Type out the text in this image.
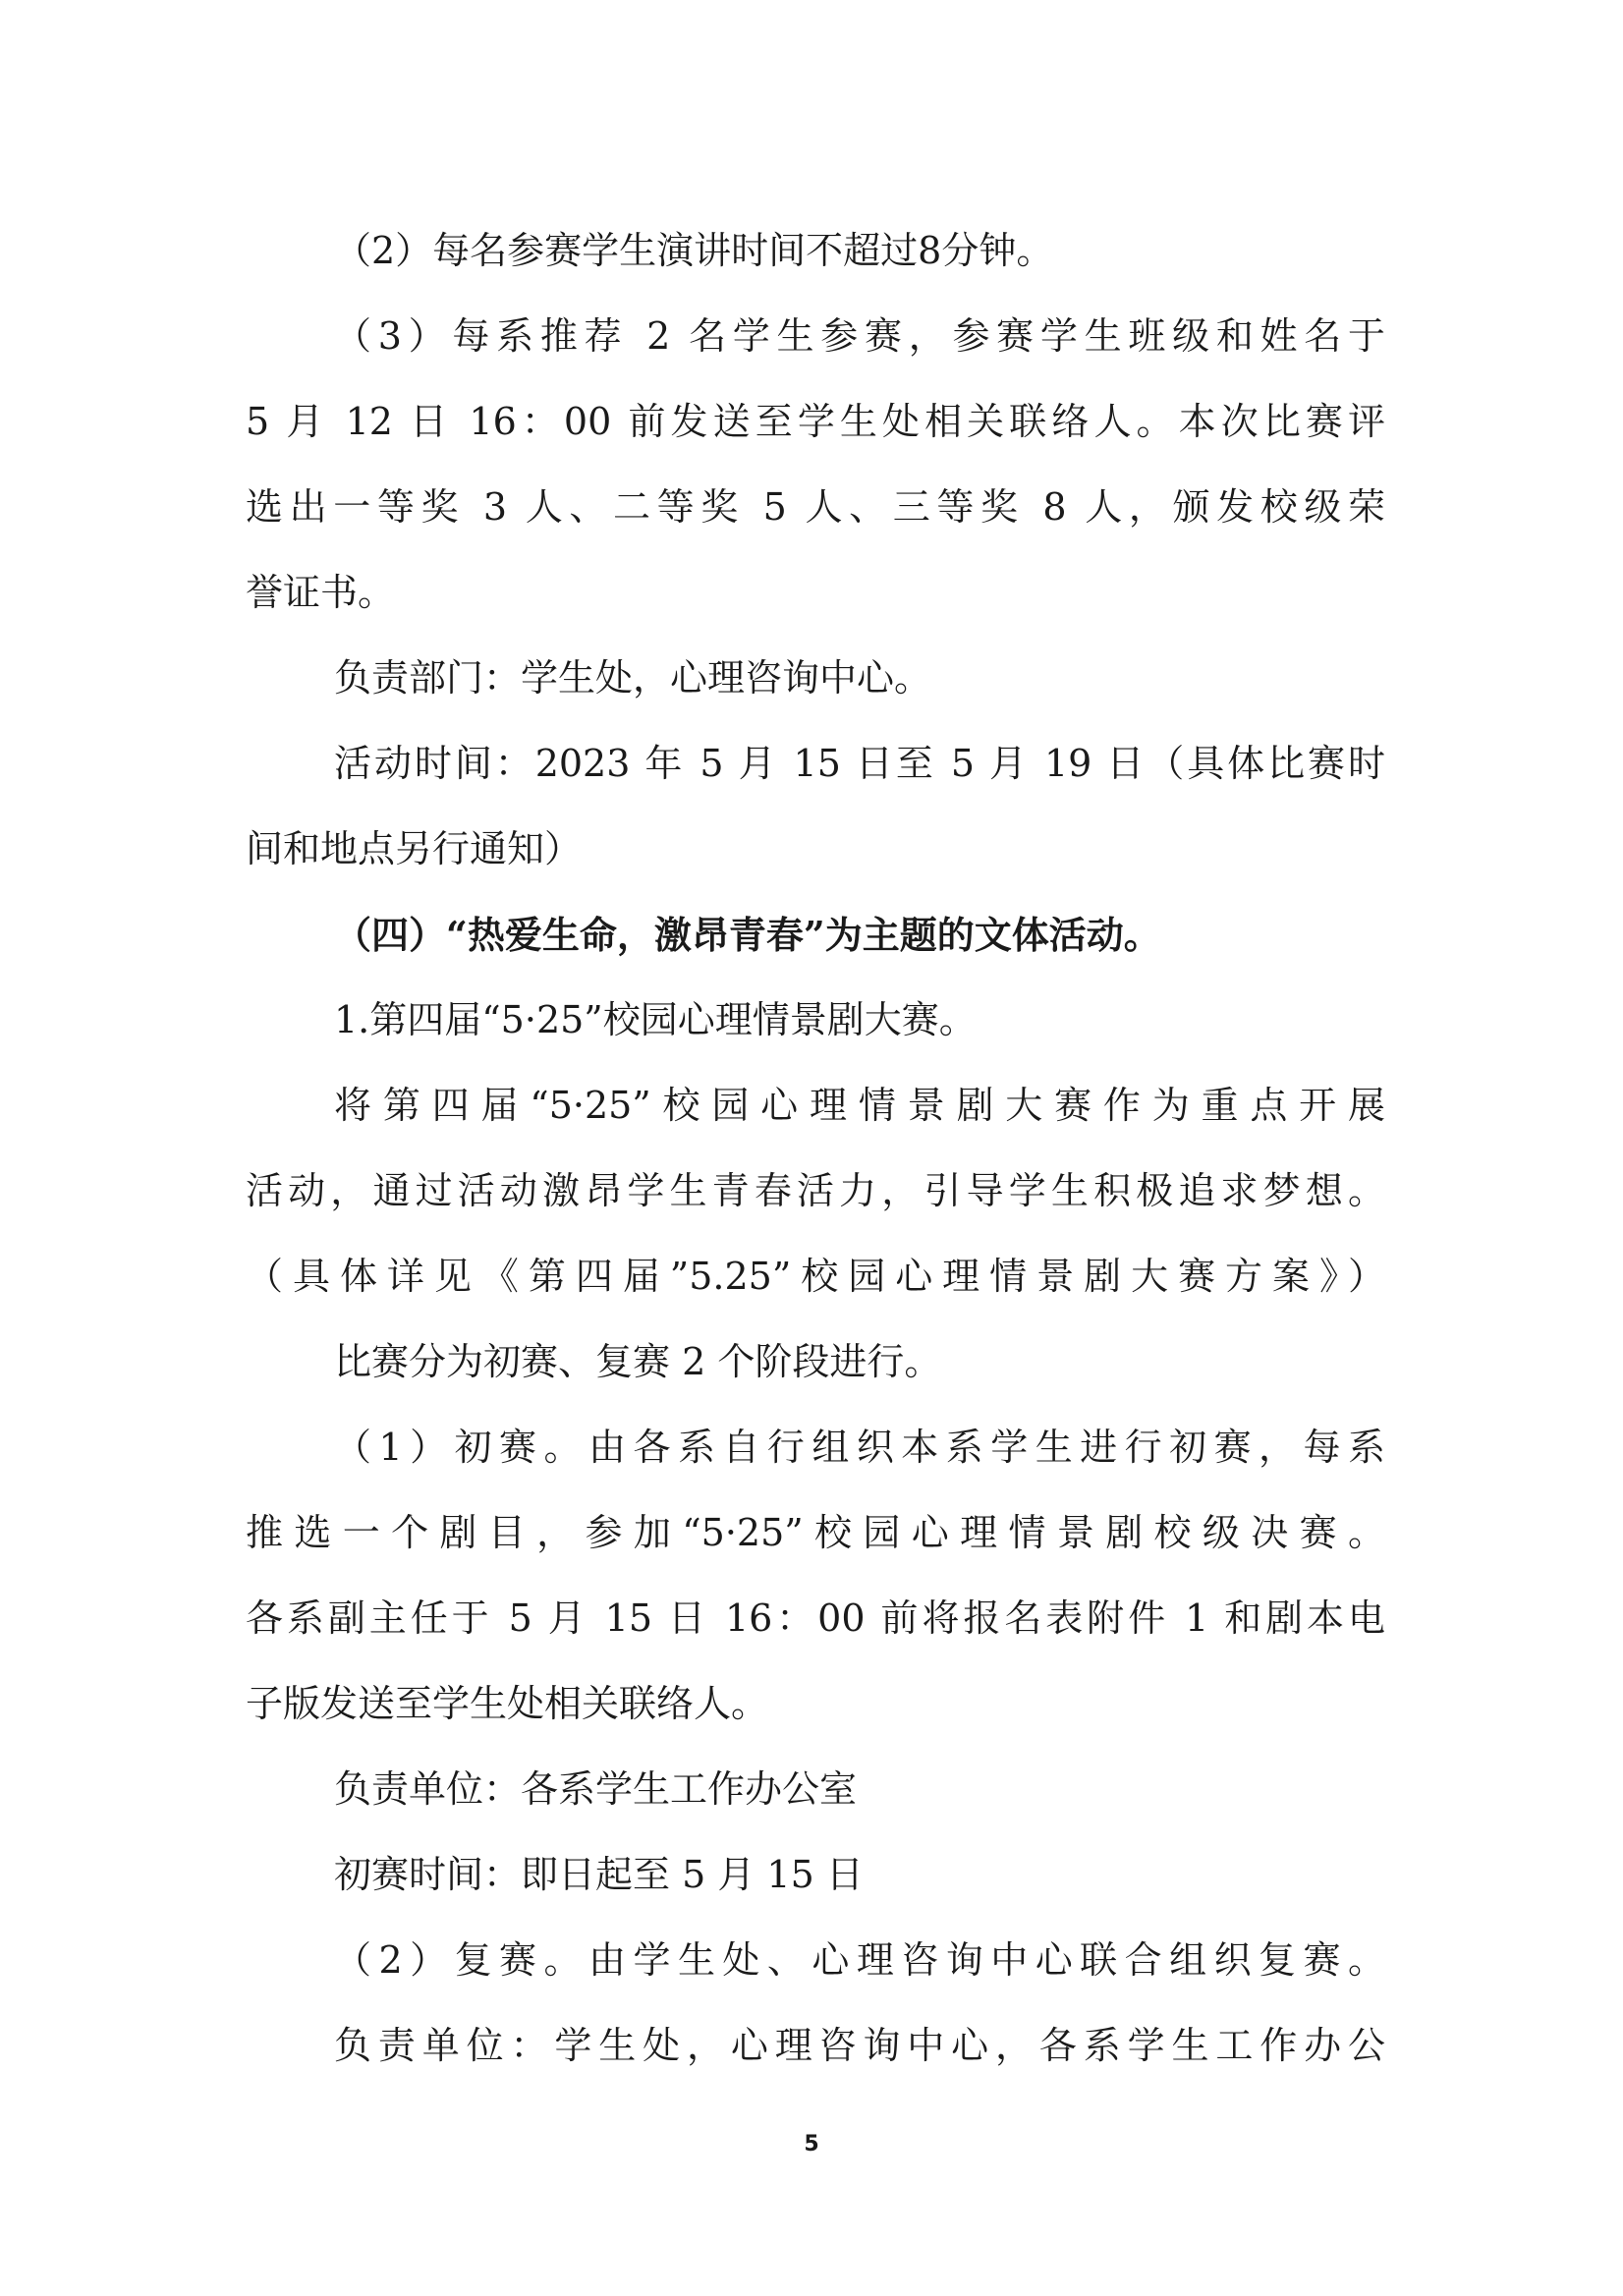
（2）每名参赛学生演讲时间不超过8分钟。
（3）每系推荐 2 名学生参赛，参赛学生班级和姓名于
5 月 12 日 16：00 前发送至学生处相关联络人。本次比赛评
选出一等奖 3 人、二等奖 5 人、三等奖 8 人，颁发校级荣
誉证书。
负责部门：学生处，心理咨询中心。
活动时间：2023 年 5 月 15 日至 5 月 19 日（具体比赛时
间和地点另行通知）
（四）“热爱生命，激昂青春”为主题的文体活动。
1.第四届“5·25”校园心理情景剧大赛。
将第四届“5·25”校园心理情景剧大赛作为重点开展
活动，通过活动激昂学生青春活力，引导学生积极追求梦想。
（具体详见《第四届”5.25”校园心理情景剧大赛方案》）
比赛分为初赛、复赛 2 个阶段进行。
（1）初赛。由各系自行组织本系学生进行初赛，每系
推选一个剧目，参加“5·25”校园心理情景剧校级决赛。
各系副主任于 5 月 15 日 16：00 前将报名表附件 1 和剧本电
子版发送至学生处相关联络人。
负责单位：各系学生工作办公室
初赛时间：即日起至 5 月 15 日
（2）复赛。由学生处、心理咨询中心联合组织复赛。
负责单位：学生处，心理咨询中心，各系学生工作办公
5
